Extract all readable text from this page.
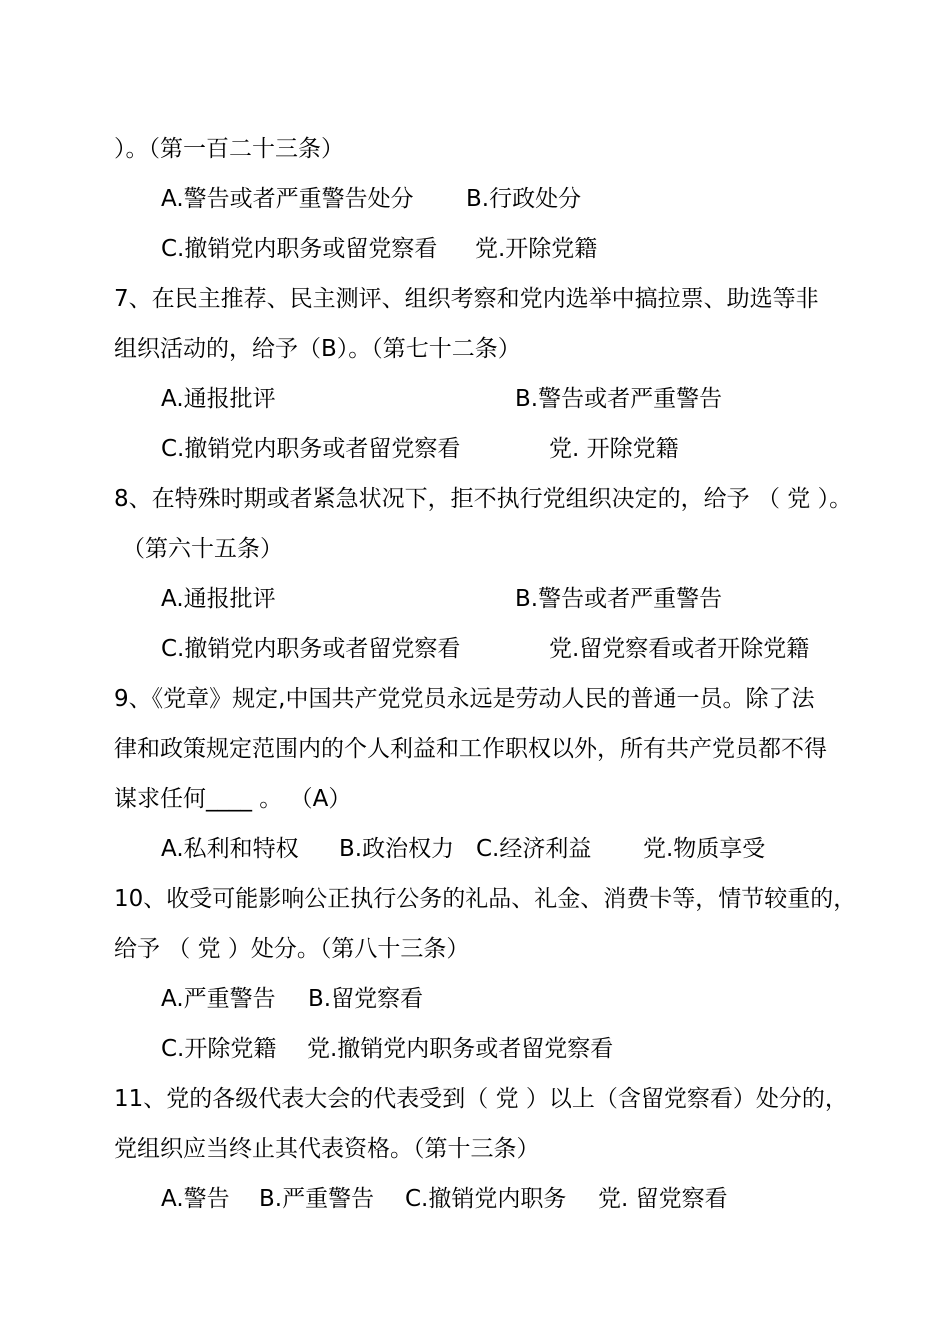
）。（第一百二十三条）
A.警告或者严重警告处分 B.行政处分
C.撤销党内职务或留党察看 党.开除党籍
7、在民主推荐、民主测评、组织考察和党内选举中搞拉票、助选等非
组织活动的，给予（B）。（第七十二条）
A.通报批评	B.警告或者严重警告
C.撤销党内职务或者留党察看	党. 开除党籍
8、在特殊时期或者紧急状况下，拒不执行党组织决定的，给予 （ 党 ）。
（第六十五条）
A.通报批评	B.警告或者严重警告
C.撤销党内职务或者留党察看	党.留党察看或者开除党籍
9、《党章》规定,中国共产党党员永远是劳动人民的普通一员。除了法
律和政策规定范围内的个人利益和工作职权以外，所有共产党员都不得
谋求任何____ 。 （A）
A.私利和特权 B.政治权力 C.经济利益 党.物质享受
10、收受可能影响公正执行公务的礼品、礼金、消费卡等，情节较重的，
给予 （ 党 ）处分。（第八十三条）
A.严重警告 B.留党察看
C.开除党籍 党.撤销党内职务或者留党察看
11、党的各级代表大会的代表受到（ 党 ）以上（含留党察看）处分的，
党组织应当终止其代表资格。（第十三条）
A.警告 B.严重警告 C.撤销党内职务 党. 留党察看
